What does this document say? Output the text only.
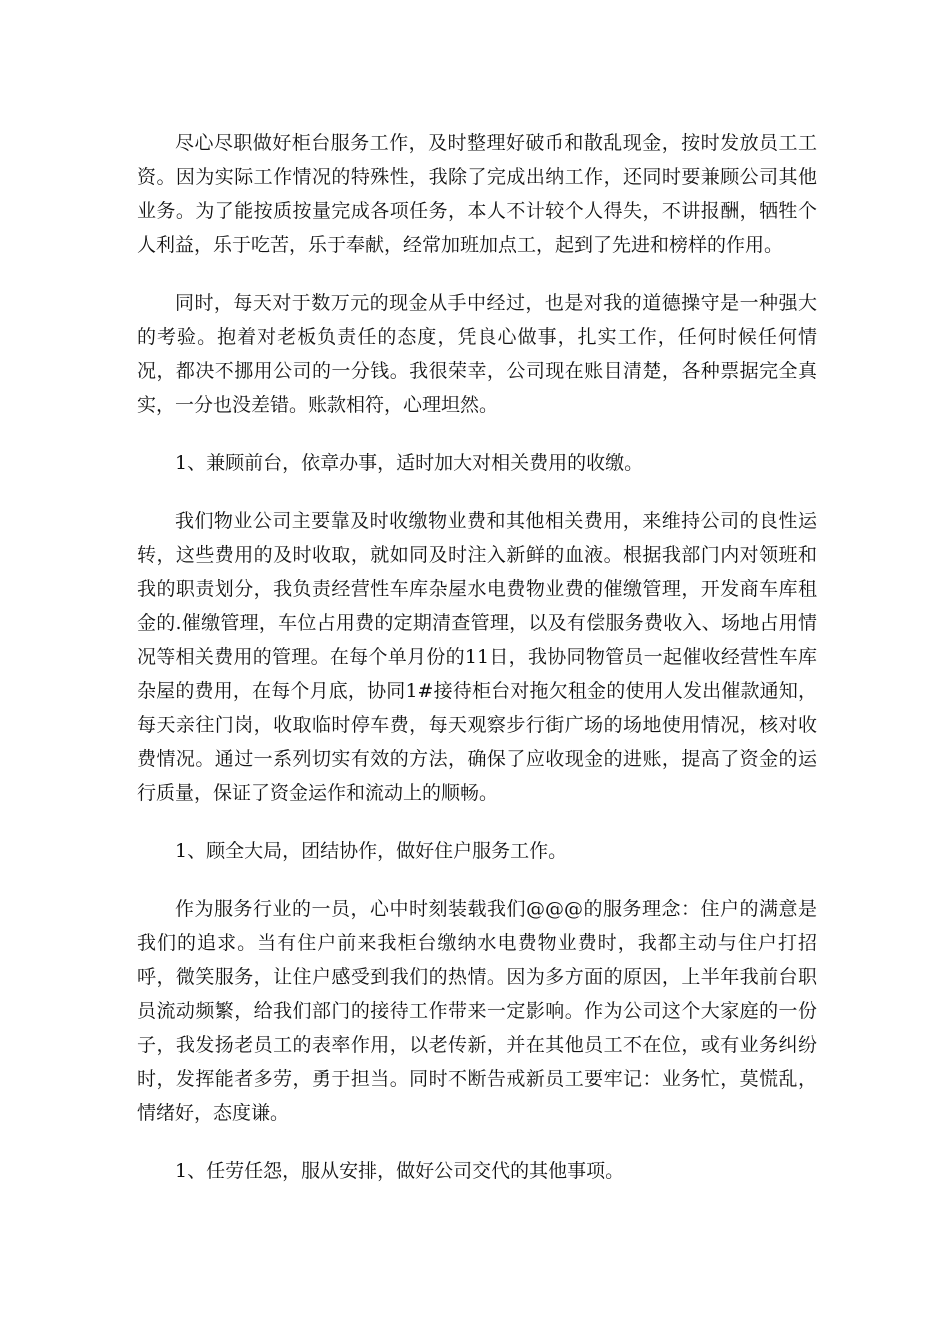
尽心尽职做好柜台服务工作，及时整理好破币和散乱现金，按时发放员工工资。因为实际工作情况的特殊性，我除了完成出纳工作，还同时要兼顾公司其他业务。为了能按质按量完成各项任务，本人不计较个人得失，不讲报酬，牺牲个人利益，乐于吃苦，乐于奉献，经常加班加点工，起到了先进和榜样的作用。

同时，每天对于数万元的现金从手中经过，也是对我的道德操守是一种强大的考验。抱着对老板负责任的态度，凭良心做事，扎实工作，任何时候任何情况，都决不挪用公司的一分钱。我很荣幸，公司现在账目清楚，各种票据完全真实，一分也没差错。账款相符，心理坦然。

1、兼顾前台，依章办事，适时加大对相关费用的收缴。

我们物业公司主要靠及时收缴物业费和其他相关费用，来维持公司的良性运转，这些费用的及时收取，就如同及时注入新鲜的血液。根据我部门内对领班和我的职责划分，我负责经营性车库杂屋水电费物业费的催缴管理，开发商车库租金的.催缴管理，车位占用费的定期清查管理，以及有偿服务费收入、场地占用情况等相关费用的管理。在每个单月份的11日，我协同物管员一起催收经营性车库杂屋的费用，在每个月底，协同1#接待柜台对拖欠租金的使用人发出催款通知，每天亲往门岗，收取临时停车费，每天观察步行街广场的场地使用情况，核对收费情况。通过一系列切实有效的方法，确保了应收现金的进账，提高了资金的运行质量，保证了资金运作和流动上的顺畅。

1、顾全大局，团结协作，做好住户服务工作。

作为服务行业的一员，心中时刻装载我们@@@的服务理念：住户的满意是我们的追求。当有住户前来我柜台缴纳水电费物业费时，我都主动与住户打招呼，微笑服务，让住户感受到我们的热情。因为多方面的原因，上半年我前台职员流动频繁，给我们部门的接待工作带来一定影响。作为公司这个大家庭的一份子，我发扬老员工的表率作用，以老传新，并在其他员工不在位，或有业务纠纷时，发挥能者多劳，勇于担当。同时不断告戒新员工要牢记：业务忙，莫慌乱，情绪好，态度谦。

1、任劳任怨，服从安排，做好公司交代的其他事项。
